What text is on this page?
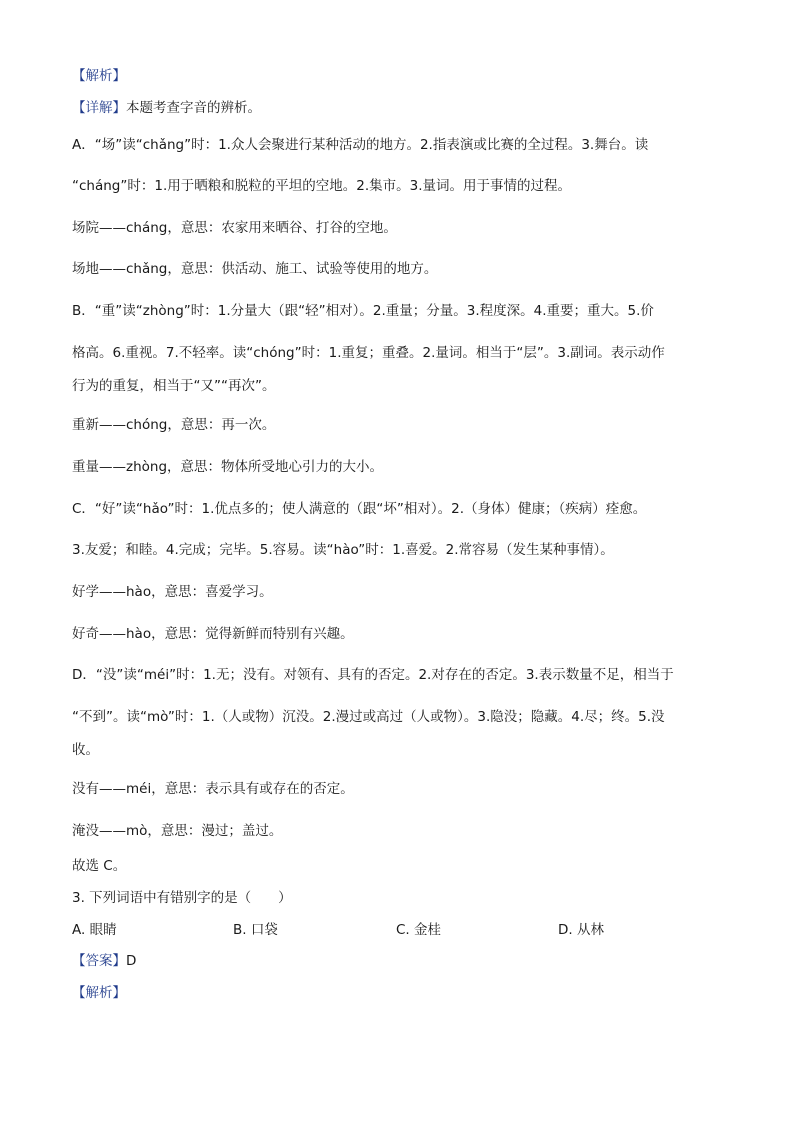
【解析】
【详解】本题考查字音的辨析。
A．“场”读“chǎng”时：1.众人会聚进行某种活动的地方。2.指表演或比赛的全过程。3.舞台。读
“cháng”时：1.用于晒粮和脱粒的平坦的空地。2.集市。3.量词。用于事情的过程。
场院——cháng，意思：农家用来晒谷、打谷的空地。
场地——chǎng，意思：供活动、施工、试验等使用的地方。
B．“重”读“zhòng”时：1.分量大（跟“轻”相对）。2.重量；分量。3.程度深。4.重要；重大。5.价
格高。6.重视。7.不轻率。读“chóng”时：1.重复；重叠。2.量词。相当于“层”。3.副词。表示动作
行为的重复，相当于“又”“再次”。
重新——chóng，意思：再一次。
重量——zhòng，意思：物体所受地心引力的大小。
C．“好”读“hǎo”时：1.优点多的；使人满意的（跟“坏”相对）。2.（身体）健康；（疾病）痊愈。
3.友爱；和睦。4.完成；完毕。5.容易。读“hào”时：1.喜爱。2.常容易（发生某种事情）。
好学——hào，意思：喜爱学习。
好奇——hào，意思：觉得新鲜而特别有兴趣。
D．“没”读“méi”时：1.无；没有。对领有、具有的否定。2.对存在的否定。3.表示数量不足，相当于
“不到”。读“mò”时：1.（人或物）沉没。2.漫过或高过（人或物）。3.隐没；隐藏。4.尽；终。5.没
收。
没有——méi，意思：表示具有或存在的否定。
淹没——mò，意思：漫过；盖过。
故选 C。
3. 下列词语中有错别字的是（　　）
A. 眼睛	B. 口袋	C. 金桂	D. 从林
【答案】D
【解析】
